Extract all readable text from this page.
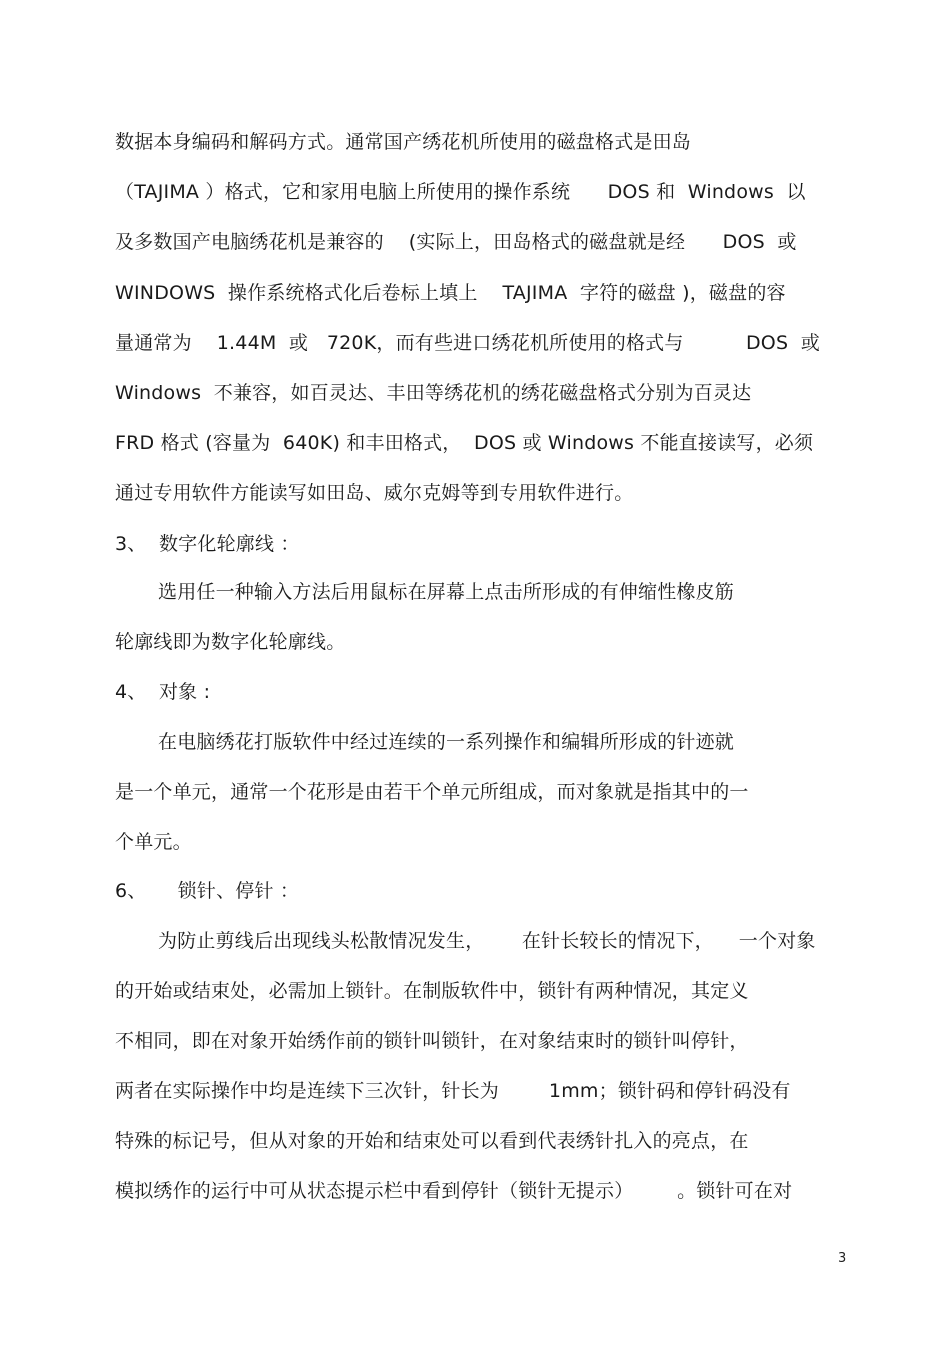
数据本身编码和解码方式。通常国产绣花机所使用的磁盘格式是田岛
（TAJIMA ）格式，它和家用电脑上所使用的操作系统      DOS 和  Windows  以
及多数国产电脑绣花机是兼容的    (实际上，田岛格式的磁盘就是经      DOS  或
WINDOWS  操作系统格式化后卷标上填上    TAJIMA  字符的磁盘 )，磁盘的容
量通常为    1.44M  或   720K，而有些进口绣花机所使用的格式与          DOS  或
Windows  不兼容，如百灵达、丰田等绣花机的绣花磁盘格式分别为百灵达
FRD 格式 (容量为  640K) 和丰田格式，  DOS 或 Windows 不能直接读写，必须
通过专用软件方能读写如田岛、威尔克姆等到专用软件进行。
3、  数字化轮廓线 ：
选用任一种输入方法后用鼠标在屏幕上点击所形成的有伸缩性橡皮筋
轮廓线即为数字化轮廓线。
4、  对象 :
在电脑绣花打版软件中经过连续的一系列操作和编辑所形成的针迹就
是一个单元，通常一个花形是由若干个单元所组成，而对象就是指其中的一
个单元。
6、     锁针、停针 ：
为防止剪线后出现线头松散情况发生，      在针长较长的情况下，    一个对象
的开始或结束处，必需加上锁针。在制版软件中，锁针有两种情况，其定义
不相同，即在对象开始绣作前的锁针叫锁针，在对象结束时的锁针叫停针，
两者在实际操作中均是连续下三次针，针长为        1mm；锁针码和停针码没有
特殊的标记号，但从对象的开始和结束处可以看到代表绣针扎入的亮点，在
模拟绣作的运行中可从状态提示栏中看到停针（锁针无提示）       。锁针可在对
3
